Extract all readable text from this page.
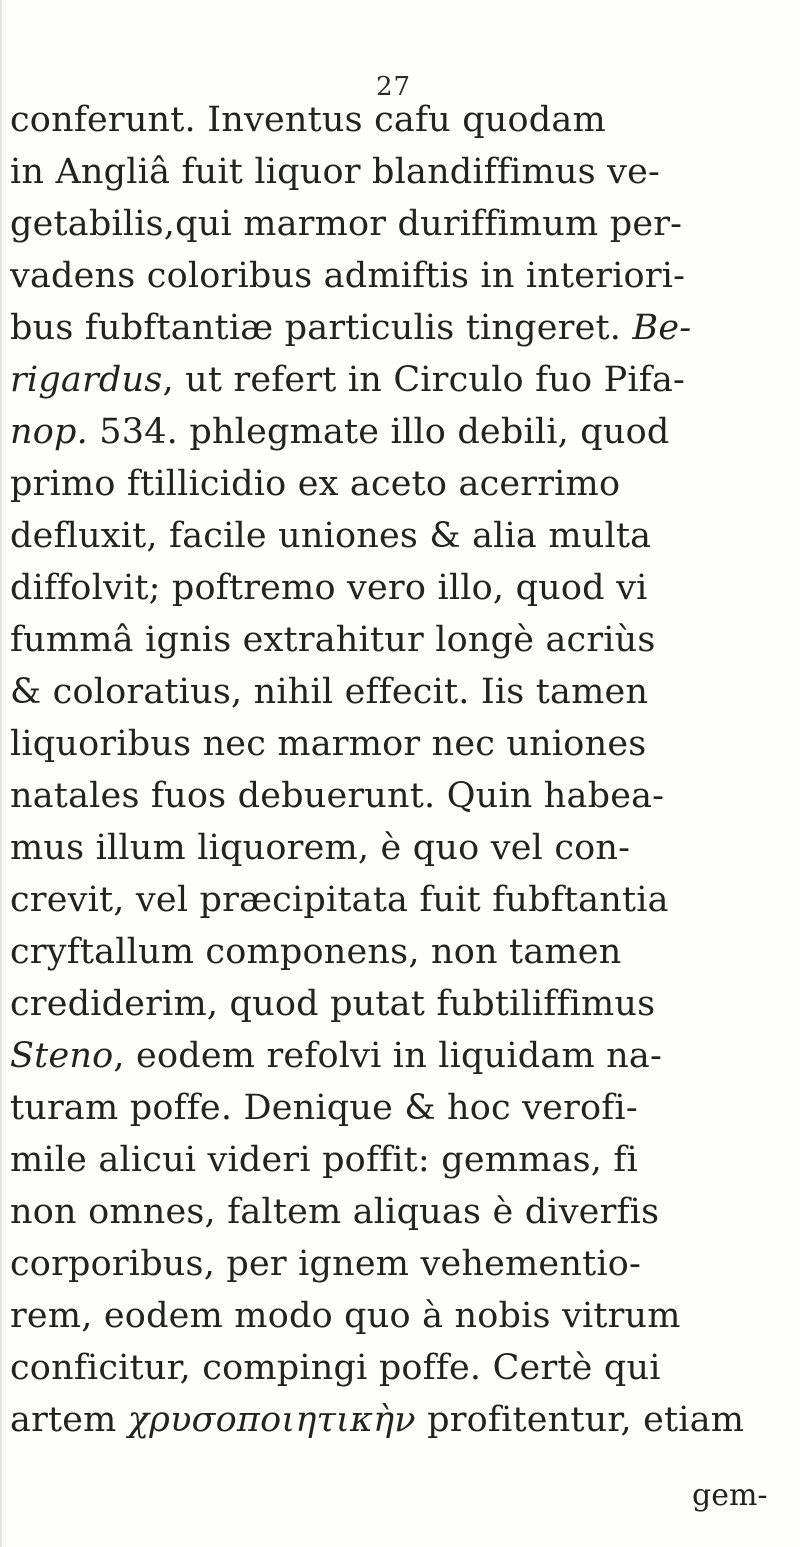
27
conferunt. Inventus cafu quodam
in Angliâ fuit liquor blandiffimus ve-
getabilis,qui marmor duriffimum per-
vadens coloribus admiftis in interiori-
bus fubftantiæ particulis tingeret. Be-
rigardus, ut refert in Circulo fuo Pifa-
nop. 534. phlegmate illo debili, quod
primo ftillicidio ex aceto acerrimo
defluxit, facile uniones & alia multa
diffolvit; poftremo vero illo, quod vi
fummâ ignis extrahitur longè acriùs
& coloratius, nihil effecit. Iis tamen
liquoribus nec marmor nec uniones
natales fuos debuerunt. Quin habea-
mus illum liquorem, è quo vel con-
crevit, vel præcipitata fuit fubftantia
cryftallum componens, non tamen
crediderim, quod putat fubtiliffimus
Steno, eodem refolvi in liquidam na-
turam poffe. Denique & hoc verofi-
mile alicui videri poffit: gemmas, fi
non omnes, faltem aliquas è diverfis
corporibus, per ignem vehementio-
rem, eodem modo quo à nobis vitrum
conficitur, compingi poffe. Certè qui
artem χρυσοποιητικὴν profitentur, etiam
gem-
